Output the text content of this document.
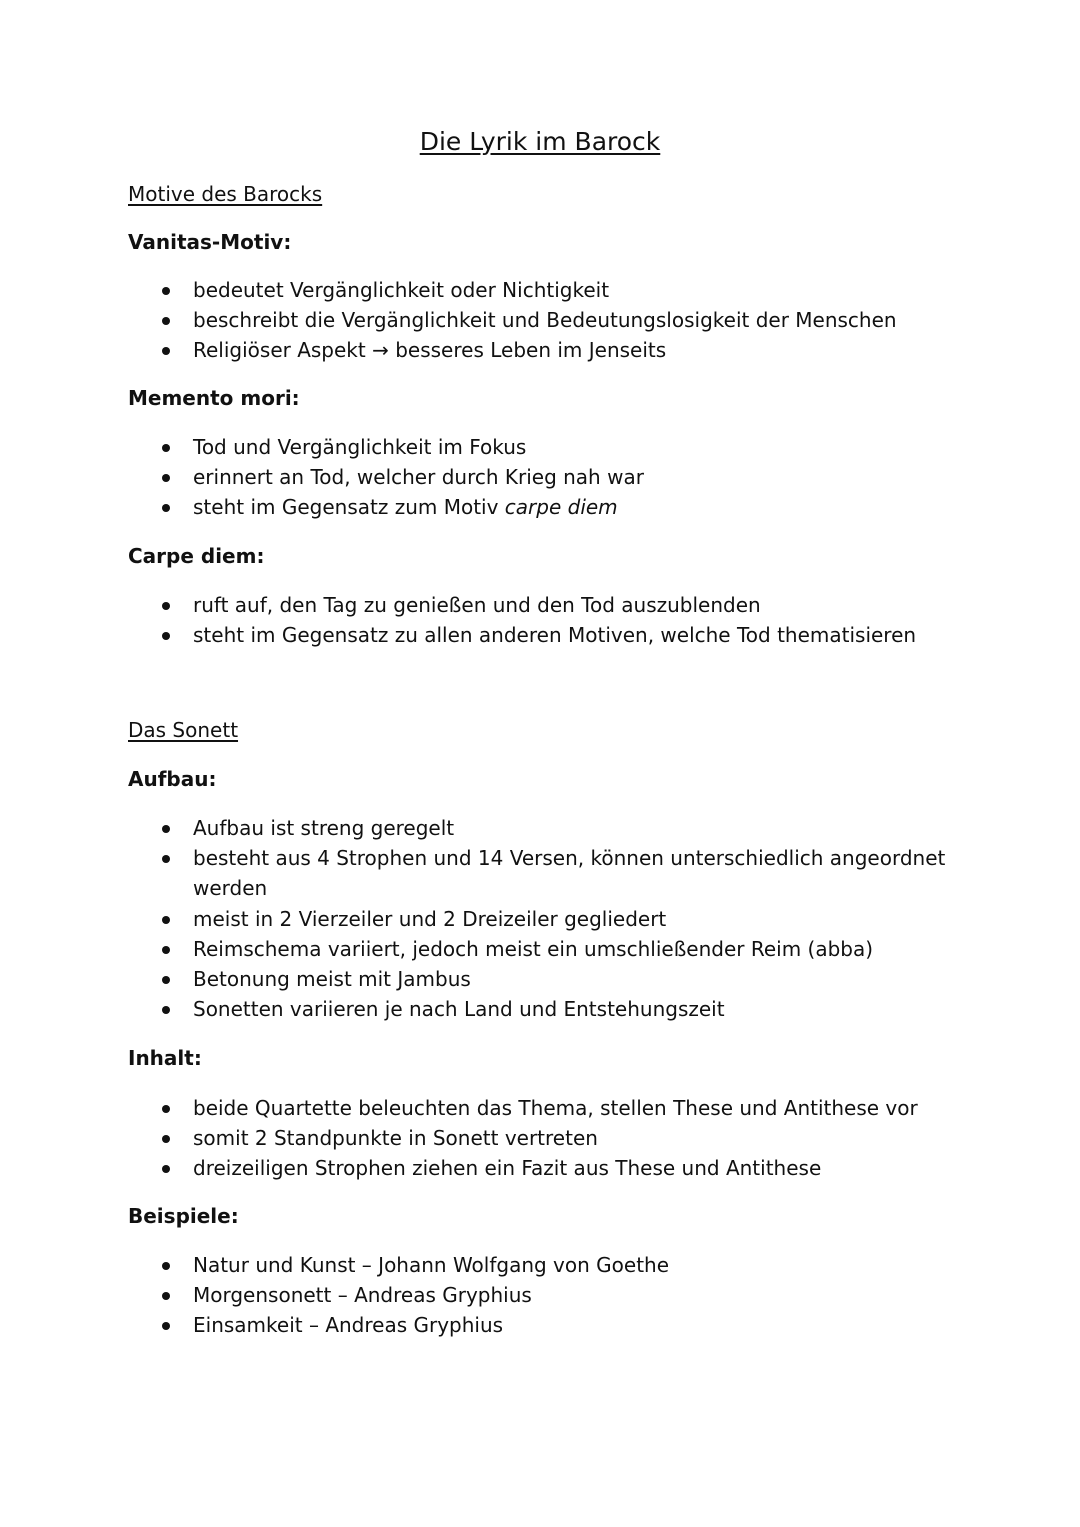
Die Lyrik im Barock
Motive des Barocks
Vanitas-Motiv:
bedeutet Vergänglichkeit oder Nichtigkeit
beschreibt die Vergänglichkeit und Bedeutungslosigkeit der Menschen
Religiöser Aspekt → besseres Leben im Jenseits
Memento mori:
Tod und Vergänglichkeit im Fokus
erinnert an Tod, welcher durch Krieg nah war
steht im Gegensatz zum Motiv carpe diem
Carpe diem:
ruft auf, den Tag zu genießen und den Tod auszublenden
steht im Gegensatz zu allen anderen Motiven, welche Tod thematisieren
Das Sonett
Aufbau:
Aufbau ist streng geregelt
besteht aus 4 Strophen und 14 Versen, können unterschiedlich angeordnet werden
meist in 2 Vierzeiler und 2 Dreizeiler gegliedert
Reimschema variiert, jedoch meist ein umschließender Reim (abba)
Betonung meist mit Jambus
Sonetten variieren je nach Land und Entstehungszeit
Inhalt:
beide Quartette beleuchten das Thema, stellen These und Antithese vor
somit 2 Standpunkte in Sonett vertreten
dreizeiligen Strophen ziehen ein Fazit aus These und Antithese
Beispiele:
Natur und Kunst – Johann Wolfgang von Goethe
Morgensonett – Andreas Gryphius
Einsamkeit – Andreas Gryphius
